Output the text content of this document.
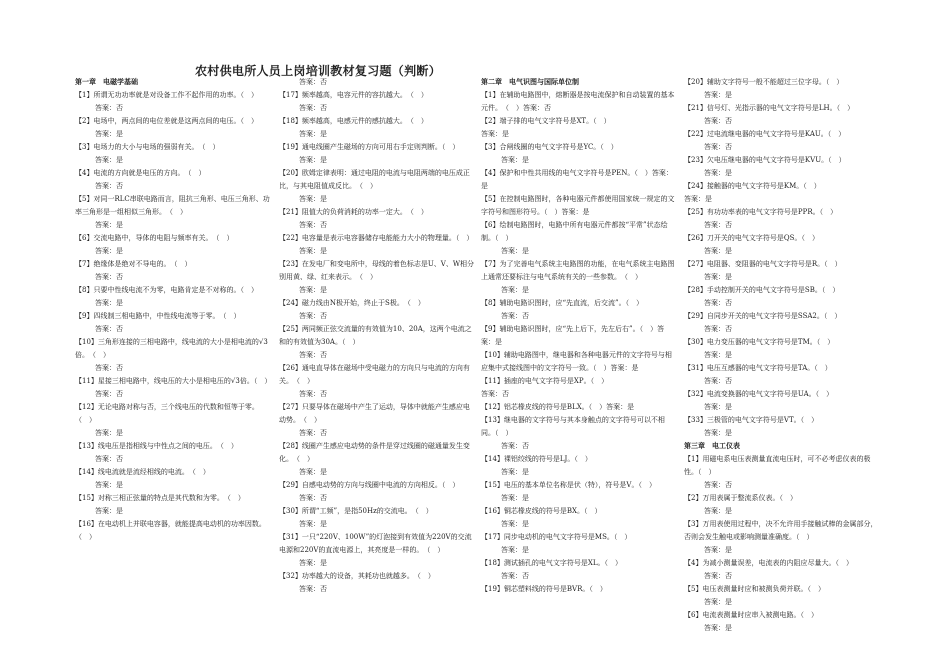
农村供电所人员上岗培训教材复习题（判断）

第一章　电磁学基础

【1】所谓无功功率就是对设备工作不起作用的功率。（　）

答案：否

【2】电场中，两点间的电位差就是这两点间的电压。（　）

答案：是

【3】电场力的大小与电场的强弱有关。　（　）

答案：是

【4】电流的方向就是电压的方向。　（　）

答案：否

【5】对同一RLC串联电路而言，阻抗三角形、电压三角形、功率三角形是一组相似三角形。　（　）

答案：是

【6】交流电路中，导体的电阻与频率有关。　（　）

答案：是

【7】绝缘体是绝对不导电的。　（　）

答案：否

【8】只要中性线电流不为零，电路肯定是不对称的。（　）

答案：是

【9】四线制三相电路中，中性线电流等于零。　（　）

答案：否

【10】三角形连接的三相电路中，线电流的大小是相电流的√3倍。　（　）

答案：否

【11】星接三相电路中，线电压的大小是相电压的√3倍。（　）

答案：否

【12】无论电路对称与否，三个线电压的代数和恒等于零。（　）

答案：是

【13】线电压是指相线与中性点之间的电压。　（　）

答案：否

【14】线电流就是流经相线的电流。　（　）

答案：是

【15】对称三相正弦量的特点是其代数和为零。　（　）

答案：是

【16】在电动机上并联电容器，就能提高电动机的功率因数。　（　）

答案：否

【17】频率越高，电容元件的容抗越大。　（　）

答案：否

【18】频率越高，电感元件的感抗越大。　（　）

答案：是

【19】通电线圈产生磁场的方向可用右手定则判断。（　）

答案：是

【20】欧姆定律表明：通过电阻的电流与电阻两端的电压成正比，与其电阻值成反比。　（　）

答案：是

【21】阻值大的负荷消耗的功率一定大。　（　）

答案：否

【22】电容量是表示电容器储存电能能力大小的物理量。（　）

答案：是

【23】在发电厂和变电所中，母线的着色标志是U、V、W相分别用黄、绿、红来表示。　（　）

答案：是

【24】磁力线由N极开始，终止于S极。　（　）

答案：否

【25】两同频正弦交流量的有效值为10、20A，这两个电流之和的有效值为30A。（　）

答案：否

【26】通电直导体在磁场中受电磁力的方向只与电流的方向有关。　（　）

答案：否

【27】只要导体在磁场中产生了运动，导体中就能产生感应电动势。　（　）

答案：否

【28】线圈产生感应电动势的条件是穿过线圈的磁通量发生变化。　（　）

答案：是

【29】自感电动势的方向与线圈中电流的方向相反。（　）

答案：否

【30】所谓“工频”，是指50Hz的交流电。　（　）

答案：是

【31】一只“220V、100W”的灯泡接到有效值为220V的交流电源和220V的直流电源上，其亮度是一样的。　（　）

答案：是

【32】功率越大的设备，其耗功也就越多。　（　）

答案：否

第二章　电气识图与国际单位制

【1】在辅助电路图中，熔断器是按电流保护和自动装置的基本元件。　（　）答案：否

【2】端子排的电气文字符号是XT。（　）

答案：是

【3】合闸线圈的电气文字符号是YC。（　）

答案：是

【4】保护和中性共用线的电气文字符号是PEN。（　）答案：是

【5】在控制电路图时，各种电器元件都使用国家统一规定的文字符号和图形符号。（　）答案：是

【6】绘制电路图时，电路中所有电器元件都按“平常”状态绘制。（　）

答案：是

【7】为了完善电气系统主电路图的功能，在电气系统主电路图上通常还要标注与电气系统有关的一些参数。　（　）

答案：是

【8】辅助电路识图时，应“先直流，后交流”。（　）

答案：否

【9】辅助电路识图时，应“先上后下，先左后右”。（　）答案：是

【10】辅助电路图中，继电器和各种电器元件的文字符号与相应集中式接线图中的文字符号一致。（　）答案：是

【11】插座的电气文字符号是XP。（　）

答案：否

【12】铝芯橡皮线的符号是BLX。（　）答案：是

【13】继电器的文字符号与其本身触点的文字符号可以不相同。（　）

答案：否

【14】裸铝绞线的符号是LJ。（　）

答案：是

【15】电压的基本单位名称是伏（特），符号是V。（　）

答案：是

【16】铜芯橡皮线的符号是BX。（　）

答案：是

【17】同步电动机的电气文字符号是MS。（　）

答案：是

【18】测试插孔的电气文字符号是XL。（　）

答案：否

【19】铜芯塑料线的符号是BVR。（　）

【20】辅助文字符号一般不能超过三位字母。（　）

答案：是

【21】信号灯、光指示器的电气文字符号是LH。（　）

答案：否

【22】过电流继电器的电气文字符号是KAU。（　）

答案：否

【23】欠电压继电器的电气文字符号是KVU。（　）

答案：是

【24】接触器的电气文字符号是KM。（　）

答案：是

【25】有功功率表的电气文字符号是PPR。（　）

答案：否

【26】刀开关的电气文字符号是QS。（　）

答案：是

【27】电阻器、变阻器的电气文字符号是R。（　）

答案：是

【28】手动控制开关的电气文字符号是SB。（　）

答案：否

【29】自同步开关的电气文字符号是SSA2。（　）

答案：否

【30】电力变压器的电气文字符号是TM。（　）

答案：是

【31】电压互感器的电气文字符号是TA。（　）

答案：否

【32】电流变换器的电气文字符号是UA。（　）

答案：是

【33】三极管的电气文字符号是VT。（　）

答案：是

第三章　电工仪表

【1】用磁电系电压表测量直流电压时，可不必考虑仪表的极性。（　）

答案：否

【2】万用表属于整流系仪表。（　）

答案：是

【3】万用表使用过程中，决不允许用手接触试棒的金属部分，否则会发生触电或影响测量准确度。（　）

答案：是

【4】为减小测量误差，电流表的内阻应尽量大。（　）

答案：否

【5】电压表测量时应和被测负荷并联。（　）

答案：是

【6】电流表测量时应串入被测电路。（　）

答案：是
